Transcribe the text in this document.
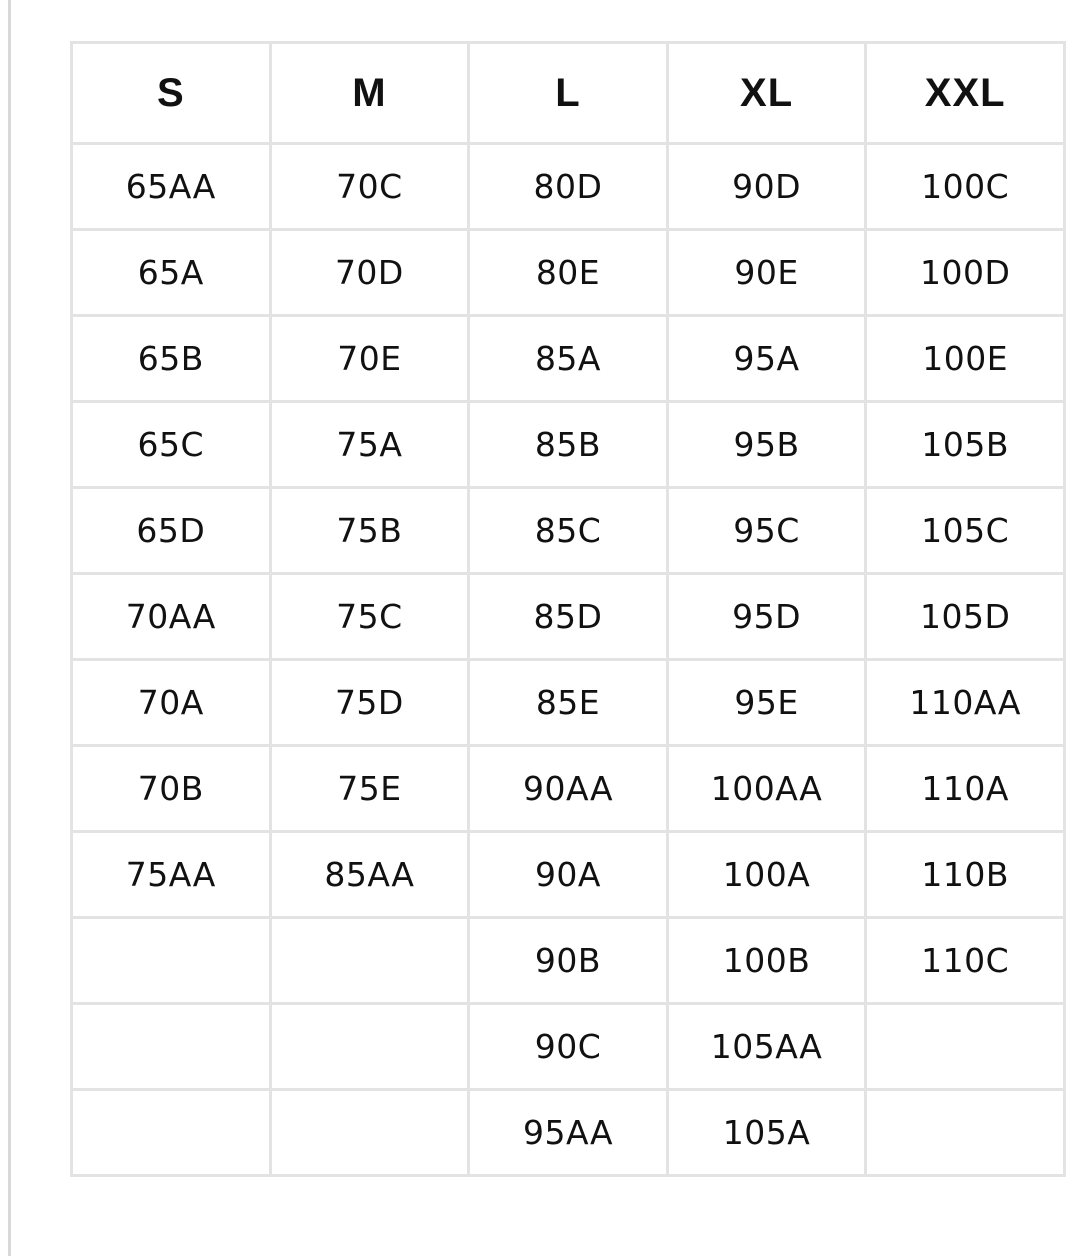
S	M	L	XL	XXL
65AA	70C	80D	90D	100C
65A	70D	80E	90E	100D
65B	70E	85A	95A	100E
65C	75A	85B	95B	105B
65D	75B	85C	95C	105C
70AA	75C	85D	95D	105D
70A	75D	85E	95E	110AA
70B	75E	90AA	100AA	110A
75AA	85AA	90A	100A	110B
		90B	100B	110C
		90C	105AA	
		95AA	105A	
